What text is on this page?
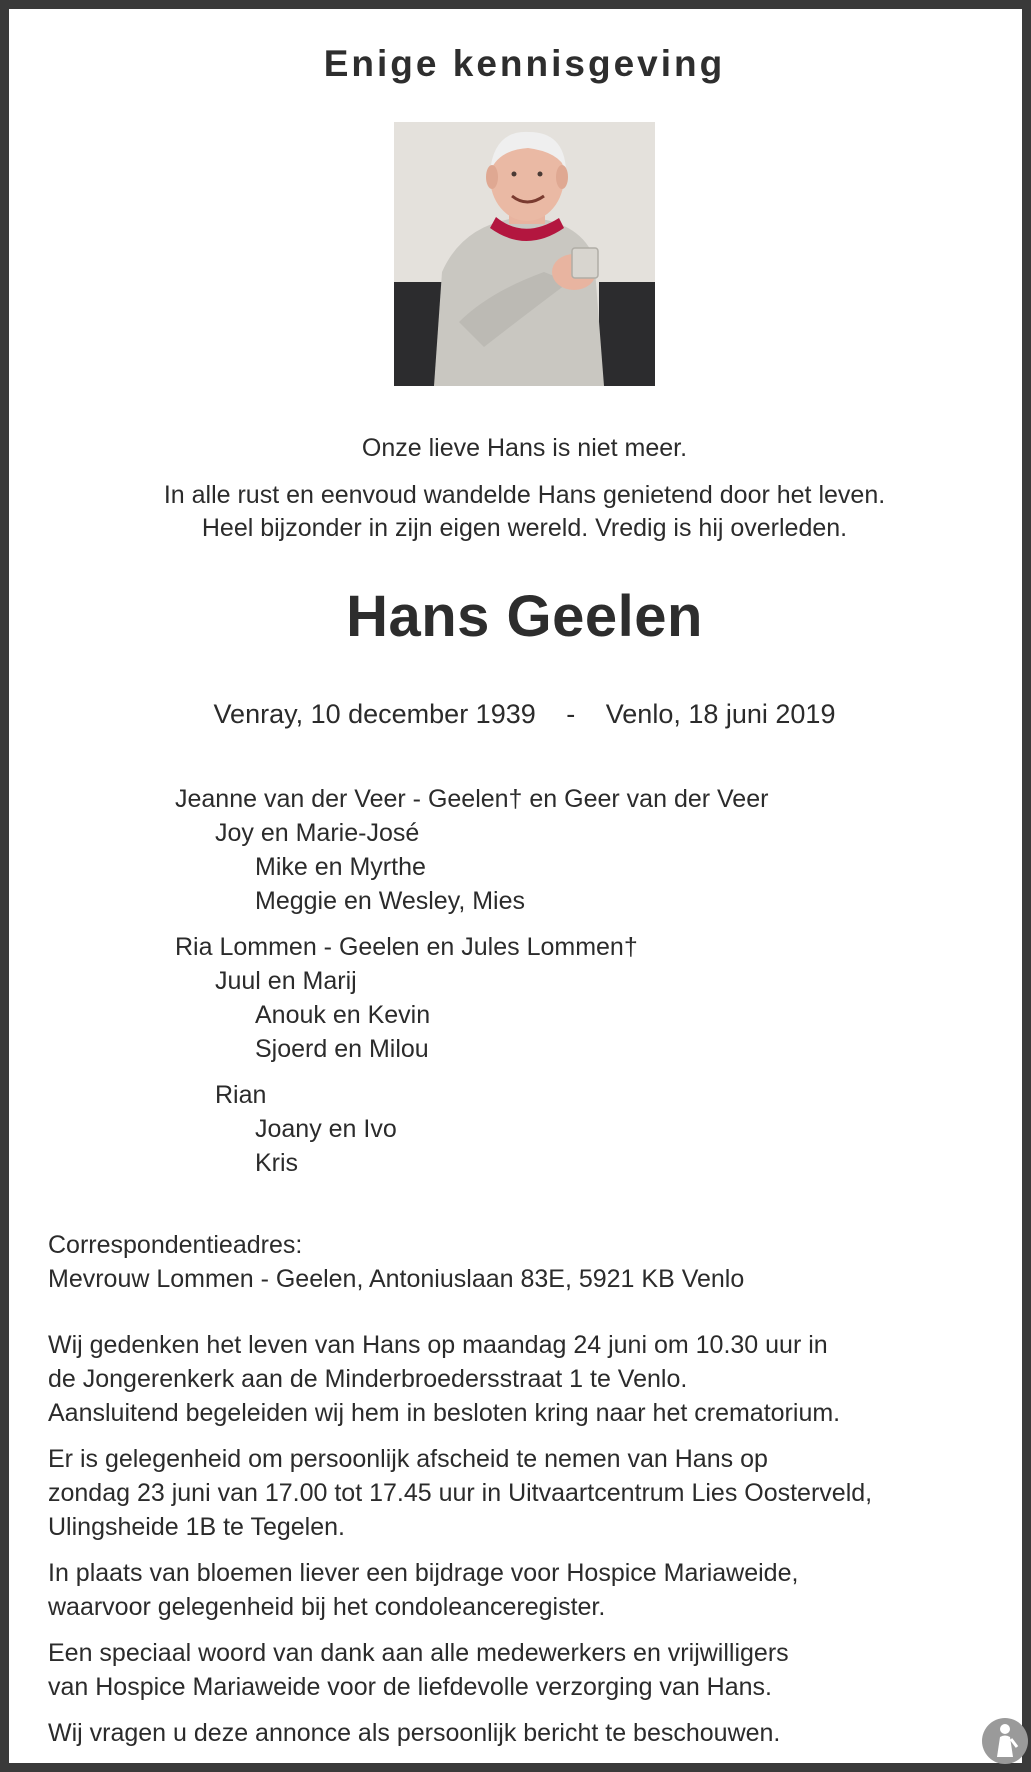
Enige kennisgeving
Onze lieve Hans is niet meer.
In alle rust en eenvoud wandelde Hans genietend door het leven.
Heel bijzonder in zijn eigen wereld. Vredig is hij overleden.
Hans Geelen
Venray, 10 december 1939 - Venlo, 18 juni 2019
Jeanne van der Veer - Geelen† en Geer van der Veer
Joy en Marie-José
Mike en Myrthe
Meggie en Wesley, Mies
Ria Lommen - Geelen en Jules Lommen†
Juul en Marij
Anouk en Kevin
Sjoerd en Milou
Rian
Joany en Ivo
Kris
Correspondentieadres:
Mevrouw Lommen - Geelen, Antoniuslaan 83E, 5921 KB Venlo
Wij gedenken het leven van Hans op maandag 24 juni om 10.30 uur in
de Jongerenkerk aan de Minderbroedersstraat 1 te Venlo.
Aansluitend begeleiden wij hem in besloten kring naar het crematorium.
Er is gelegenheid om persoonlijk afscheid te nemen van Hans op
zondag 23 juni van 17.00 tot 17.45 uur in Uitvaartcentrum Lies Oosterveld,
Ulingsheide 1B te Tegelen.
In plaats van bloemen liever een bijdrage voor Hospice Mariaweide,
waarvoor gelegenheid bij het condoleanceregister.
Een speciaal woord van dank aan alle medewerkers en vrijwilligers
van Hospice Mariaweide voor de liefdevolle verzorging van Hans.
Wij vragen u deze annonce als persoonlijk bericht te beschouwen.
